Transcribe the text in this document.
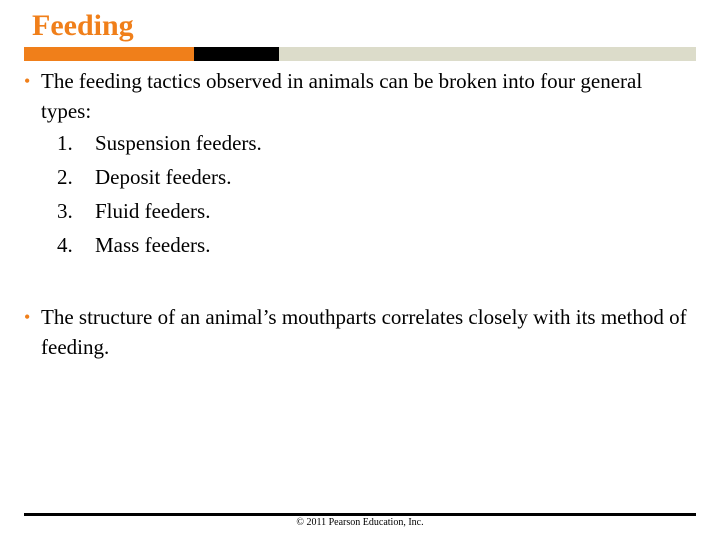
Feeding
• The feeding tactics observed in animals can be broken into four general types:
1. Suspension feeders.
2. Deposit feeders.
3. Fluid feeders.
4. Mass feeders.
• The structure of an animal’s mouthparts correlates closely with its method of feeding.
© 2011 Pearson Education, Inc.
